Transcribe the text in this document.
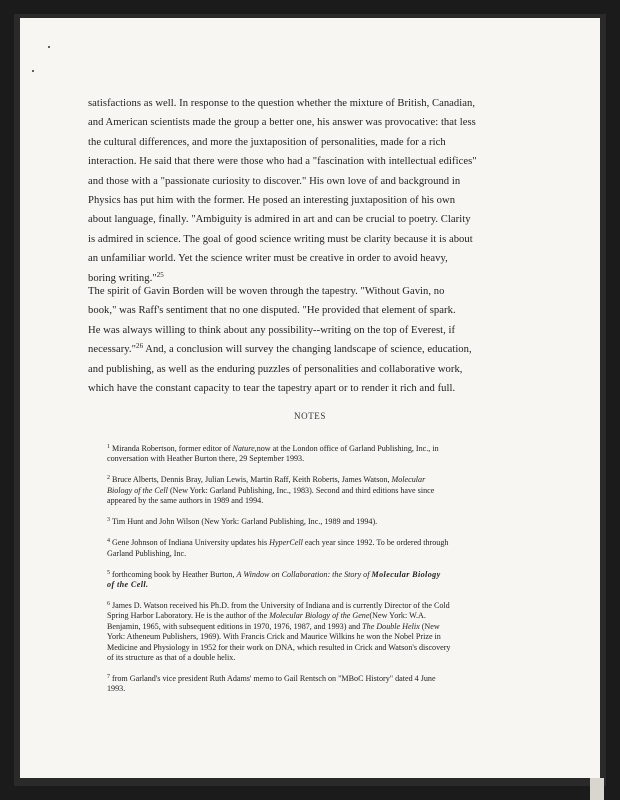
satisfactions as well. In response to the question whether the mixture of British, Canadian,
and American scientists made the group a better one, his answer was provocative: that less
the cultural differences, and more the juxtaposition of personalities, made for a rich
interaction. He said that there were those who had a "fascination with intellectual edifices"
and those with a "passionate curiosity to discover." His own love of and background in
Physics has put him with the former. He posed an interesting juxtaposition of his own
about language, finally. "Ambiguity is admired in art and can be crucial to poetry. Clarity
is admired in science. The goal of good science writing must be clarity because it is about
an unfamiliar world. Yet the science writer must be creative in order to avoid heavy,
boring writing."$^{25}$
The spirit of Gavin Borden will be woven through the tapestry. "Without Gavin, no
book," was Raff's sentiment that no one disputed. "He provided that element of spark.
He was always willing to think about any possibility--writing on the top of Everest, if
necessary."$^{26}$ And, a conclusion will survey the changing landscape of science, education,
and publishing, as well as the enduring puzzles of personalities and collaborative work,
which have the constant capacity to tear the tapestry apart or to render it rich and full.
NOTES
$^1$ Miranda Robertson, former editor of Nature,now at the London office of Garland Publishing, Inc., in
conversation with Heather Burton there, 29 September 1993.
$^2$ Bruce Alberts, Dennis Bray, Julian Lewis, Martin Raff, Keith Roberts, James Watson, Molecular
Biology of the Cell (New York: Garland Publishing, Inc., 1983). Second and third editions have since
appeared by the same authors in 1989 and 1994.
$^3$ Tim Hunt and John Wilson (New York: Garland Publishing, Inc., 1989 and 1994).
$^4$ Gene Johnson of Indiana University updates his HyperCell each year since 1992. To be ordered through
Garland Publishing, Inc.
$^5$ forthcoming book by Heather Burton, A Window on Collaboration: the Story of Molecular Biology
of the Cell.
$^6$ James D. Watson received his Ph.D. from the University of Indiana and is currently Director of the Cold
Spring Harbor Laboratory. He is the author of the Molecular Biology of the Gene(New York: W.A.
Benjamin, 1965, with subsequent editions in 1970, 1976, 1987, and 1993) and The Double Helix (New
York: Atheneum Publishers, 1969). With Francis Crick and Maurice Wilkins he won the Nobel Prize in
Medicine and Physiology in 1952 for their work on DNA, which resulted in Crick and Watson's discovery
of its structure as that of a double helix.
$^7$ from Garland's vice president Ruth Adams' memo to Gail Rentsch on "MBoC History" dated 4 June
1993.
